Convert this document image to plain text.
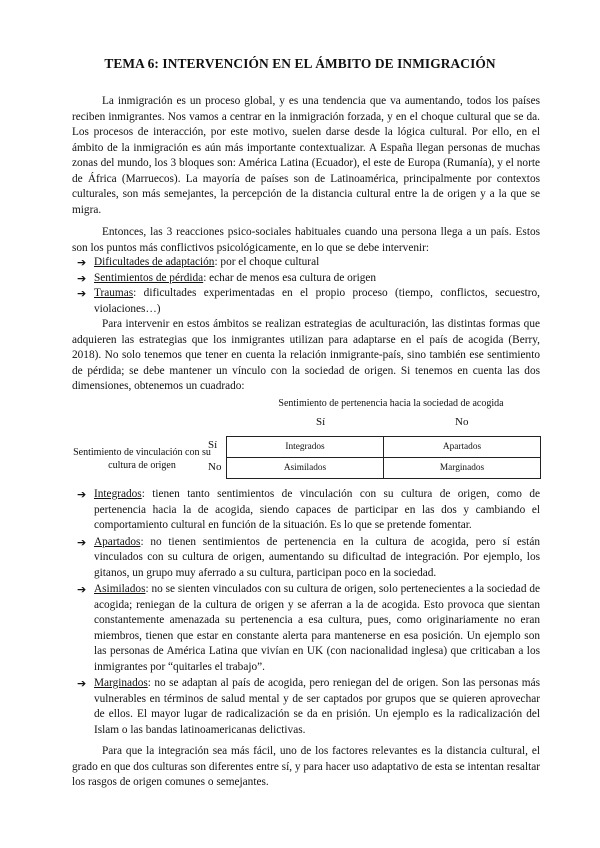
TEMA 6: INTERVENCIÓN EN EL ÁMBITO DE INMIGRACIÓN
La inmigración es un proceso global, y es una tendencia que va aumentando, todos los países reciben inmigrantes. Nos vamos a centrar en la inmigración forzada, y en el choque cultural que se da. Los procesos de interacción, por este motivo, suelen darse desde la lógica cultural. Por ello, en el ámbito de la inmigración es aún más importante contextualizar. A España llegan personas de muchas zonas del mundo, los 3 bloques son: América Latina (Ecuador), el este de Europa (Rumanía), y el norte de África (Marruecos). La mayoría de países son de Latinoamérica, principalmente por contextos culturales, son más semejantes, la percepción de la distancia cultural entre la de origen y a la que se migra.
Entonces, las 3 reacciones psico-sociales habituales cuando una persona llega a un país. Estos son los puntos más conflictivos psicológicamente, en lo que se debe intervenir:
➔ Dificultades de adaptación: por el choque cultural
➔ Sentimientos de pérdida: echar de menos esa cultura de origen
➔ Traumas: dificultades experimentadas en el propio proceso (tiempo, conflictos, secuestro, violaciones…)
Para intervenir en estos ámbitos se realizan estrategias de aculturación, las distintas formas que adquieren las estrategias que los inmigrantes utilizan para adaptarse en el país de acogida (Berry, 2018). No solo tenemos que tener en cuenta la relación inmigrante-país, sino también ese sentimiento de pérdida; se debe mantener un vínculo con la sociedad de origen. Si tenemos en cuenta las dos dimensiones, obtenemos un cuadrado:
Sentimiento de pertenencia hacia la sociedad de acogida
Sí	No
Sentimiento de vinculación con su cultura de origen
Sí
No
Integrados	Apartados
Asimilados	Marginados
➔ Integrados: tienen tanto sentimientos de vinculación con su cultura de origen, como de pertenencia hacia la de acogida, siendo capaces de participar en las dos y cambiando el comportamiento cultural en función de la situación. Es lo que se pretende fomentar.
➔ Apartados: no tienen sentimientos de pertenencia en la cultura de acogida, pero sí están vinculados con su cultura de origen, aumentando su dificultad de integración. Por ejemplo, los gitanos, un grupo muy aferrado a su cultura, participan poco en la sociedad.
➔ Asimilados: no se sienten vinculados con su cultura de origen, solo pertenecientes a la sociedad de acogida; reniegan de la cultura de origen y se aferran a la de acogida. Esto provoca que sientan constantemente amenazada su pertenencia a esa cultura, pues, como originariamente no eran miembros, tienen que estar en constante alerta para mantenerse en esa posición. Un ejemplo son las personas de América Latina que vivían en UK (con nacionalidad inglesa) que criticaban a los inmigrantes por “quitarles el trabajo”.
➔ Marginados: no se adaptan al país de acogida, pero reniegan del de origen. Son las personas más vulnerables en términos de salud mental y de ser captados por grupos que se quieren aprovechar de ellos. El mayor lugar de radicalización se da en prisión. Un ejemplo es la radicalización del Islam o las bandas latinoamericanas delictivas.
Para que la integración sea más fácil, uno de los factores relevantes es la distancia cultural, el grado en que dos culturas son diferentes entre sí, y para hacer uso adaptativo de esta se intentan resaltar los rasgos de origen comunes o semejantes.
